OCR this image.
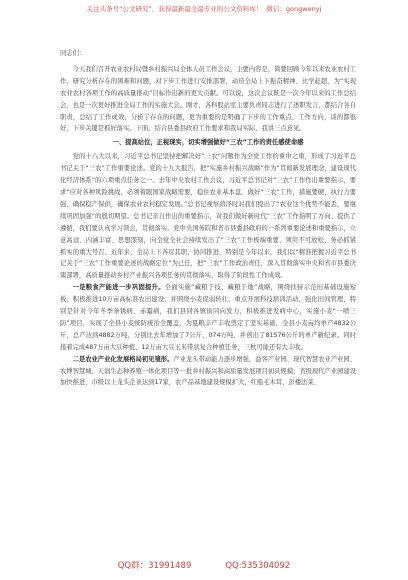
关注头条号“公文研究”，获得最新最全最专业的公文资料库！ 微信：gongwenyj

同志们：

今天我们召开农业农村局暨乡村振兴局全体人员工作会议，主要内容是，简要回顾今年以来农业农村工作，研究分析存在的困难和问题，对下步工作进行安排部署，动员全局上下振奋精神、比学赶超，为“实现农业农村各项工作的高质量推动”目标作出新的更大贡献。可以说，这次会议既是一次今年以来的工作总结会，也是一次更好推进全局工作的实施大会。刚才，各科股站室主要负责同志进行了述职发言，都结合各自职责，总结了工作成效，分析了存在的问题，更为重要的是明确了下步的工作重点、工作方向，谈的都很好，下步关键是抓好落实。下面，结合县委县政府工作要求和我局实际，我讲三点意见。

一、提高站位，正视现实，切实增强做好“三农”工作的责任感使命感

党的十八大以来，习近平总书记坚持把解决好“三农”问题作为全党工作的重中之重，形成了习近平总书记关于“三农”工作重要论述。党的十九大报告，把“实施乡村振兴战略”作为“贯彻新发展理念，建设现代化经济体系”的六项重点任务之一。去年中央农村工作会议，习近平总书记对“三农”工作作出重要指示，要求“应对各种风险挑战，必须着眼国家战略需要，稳住农业基本盘、做好“三农”工作，措施要硬，执行力要强，确保稳产保供，确保农业农村稳定发展。”总书记视察菏泽时对我们提出了“农业这个优势不能丢，要继续巩固加强”的殷切期望。总书记亲自作出的重要指示，对我们做好新时代“三农”工作指明了方向、提供了遵循，我们要认真学习领会，贯彻落实。党中央国务院和省市县委县政府的一系列重要论述和重要指示，立意高远、内涵丰富、思想深刻，向全党全社会持续发出了“三农”工作极端重要、须臾不可放松、务必抓紧抓实的重大号召。近年来，全局上下各尽其职，协同推进，特别是今年以来，我们以“精准把握习近平总书记关于“三农”工作重要论述的战略定位”为已任，把“三农”工作政治责任，深入贯彻落实中央和省市县委决策部署，高质量推动乡村产业振兴各项任务的贯彻落实，取得了阶段性工作成效。

一是粮食产能进一步巩固提升。全面实施“藏粮于技、藏粮于地”战略，围绕扶持示范田基础设施短板，积极推进10万亩高标准农田建设，并围绕小麦促弱转壮，重点开展科技培训活动，强化田间管理，特别是针对今年冬季条锈病、赤霉病，我们县同各镇街同向发力，积极推进发病中心，实施小麦“一喷三防”项目，实现了全县小麦统防统治全覆盖，为夏粮丰产丰收奠定了坚实基础，全县小麦亩均单产4832公斤，总产达到4882万吨，分别比去年增加了7公斤、074万吨，并创出了81576公斤的单产新纪录。同时接着完成487万亩大豆种植、12万亩大豆玉米带状复合种植任务，三秋可能还有大丰收。

二是农业产业化发展格局初见雏形。产业龙头带动能力逐步增强，益客产业园、现代智慧农业产业园、农博智慧城、天润生态种养殖一体化项目等一批乡村振兴和高质量发展项目初具规模，省级现代产业园建设加快推进，市级以上龙头企业达到17家，农产品基地建设规模扩大，红船毛木耳、彭楼法菜、

QQ群：31991489	QQ:535304092
